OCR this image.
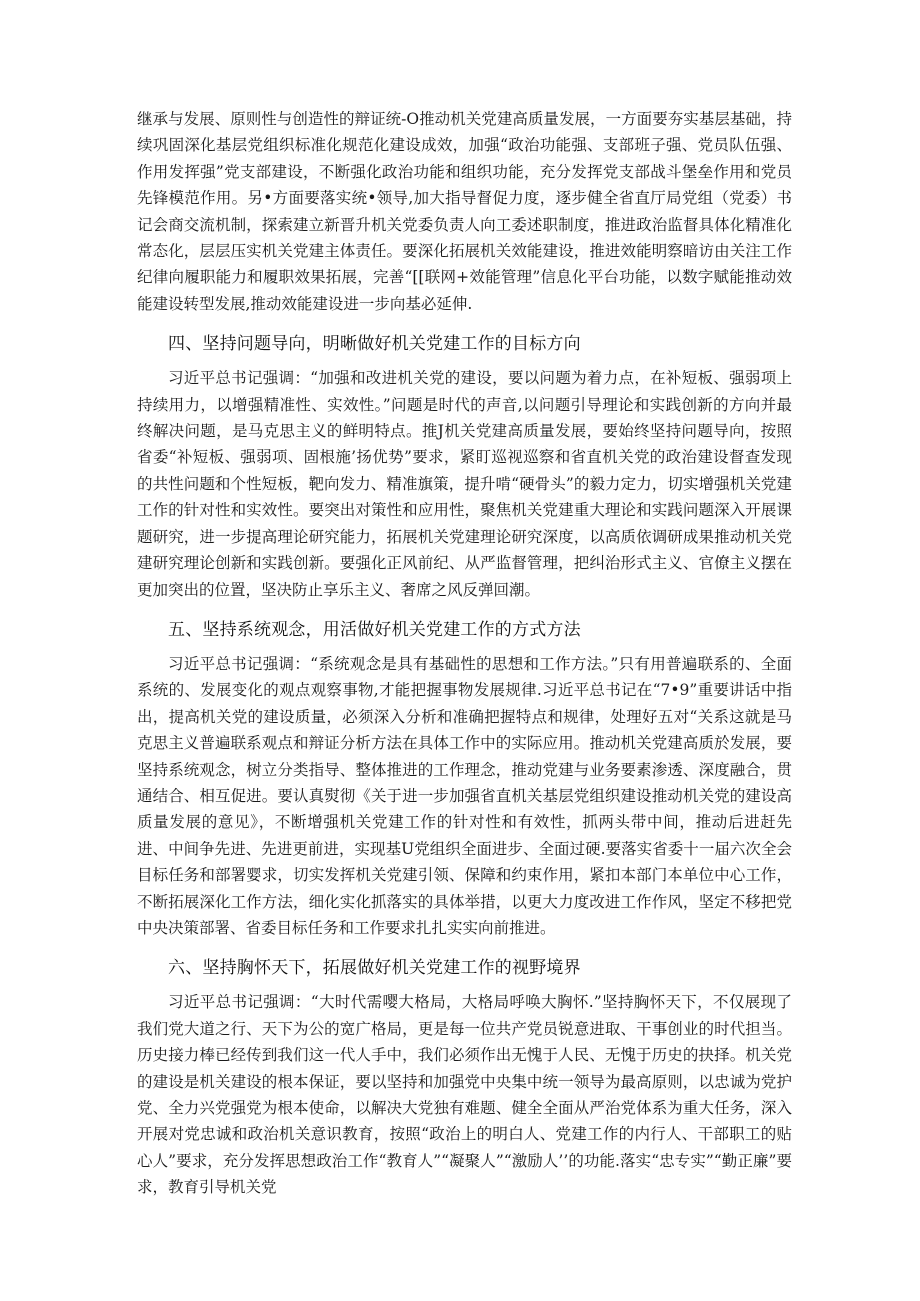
继承与发展、原则性与创造性的辩证统-O推动机关党建高质量发展，一方面要夯实基层基础，持续巩固深化基层党组织标准化规范化建设成效，加强“政治功能强、支部班子强、党员队伍强、作用发挥强”党支部建设，不断强化政治功能和组织功能，充分发挥党支部战斗堡垒作用和党员先锋模范作用。另•方面要落实统•领导,加大指导督促力度，逐步健全省直厅局党组（党委）书记会商交流机制，探索建立新晋升机关党委负责人向工委述职制度，推进政治监督具体化精准化常态化，层层压实机关党建主体责任。要深化拓展机关效能建设，推进效能明察暗访由关注工作纪律向履职能力和履职效果拓展，完善“[[联网+效能管理”信息化平台功能，以数字赋能推动效能建设转型发展,推动效能建设进一步向基必延伸.

四、坚持问题导向，明晰做好机关党建工作的目标方向

习近平总书记强调：“加强和改进机关党的建设，要以问题为着力点，在补短板、强弱项上持续用力，以增强精准性、实效性。”问题是时代的声音,以问题引导理论和实践创新的方向并最终解决问题，是马克思主义的鲜明特点。推J机关党建高质量发展，要始终坚持问题导向，按照省委“补短板、强弱项、固根施’扬优势”要求，紧盯巡视巡察和省直机关党的政治建设督查发现的共性问题和个性短板，靶向发力、精准旗策，提升啃“硬骨头”的毅力定力，切实增强机关党建工作的针对性和实效性。要突出对策性和应用性，聚焦机关党建重大理论和实践问题深入开展课题研究，进一步提高理论研究能力，拓展机关党建理论研究深度，以高质依调研成果推动机关党建研究理论创新和实践创新。要强化正风前纪、从严监督管理，把纠治形式主义、官僚主义摆在更加突出的位置，坚决防止享乐主义、奢席之风反弹回潮。

五、坚持系统观念，用活做好机关党建工作的方式方法

习近平总书记强调：“系统观念是具有基础性的思想和工作方法。”只有用普遍联系的、全面系统的、发展变化的观点观察事物,才能把握事物发展规律.习近平总书记在“7•9”重要讲话中指出，提高机关党的建设质量，必须深入分析和准确把握特点和规律，处理好五对“关系这就是马克思主义普遍联系观点和辩证分析方法在具体工作中的实际应用。推动机关党建高质於发展，要坚持系统观念，树立分类指导、整体推进的工作理念，推动党建与业务要素渗透、深度融合，贯通结合、相互促进。要认真熨彻《关于进一步加强省直机关基层党组织建设推动机关党的建设高质量发展的意见》，不断增强机关党建工作的针对性和有效性，抓两头带中间，推动后进赶先进、中间争先进、先进更前进，实现基U党组织全面进步、全面过硬.要落实省委十一届六次全会目标任务和部署婴求，切实发挥机关党建引领、保障和约束作用，紧扣本部门本单位中心工作，不断拓展深化工作方法，细化实化抓落实的具体举措，以更大力度改进工作作风，坚定不移把党中央决策部署、省委目标任务和工作要求扎扎实实向前推进。

六、坚持胸怀天下，拓展做好机关党建工作的视野境界

习近平总书记强调：“大时代需嘤大格局，大格局呼唤大胸怀.”坚持胸怀天下，不仅展现了我们党大道之行、天下为公的宽广格局，更是每一位共产党员锐意进取、干事创业的时代担当。历史接力棒已经传到我们这一代人手中，我们必须作出无愧于人民、无愧于历史的抉择。机关党的建设是机关建设的根本保证，要以坚持和加强党中央集中统一领导为最高原则，以忠诚为党护党、全力兴党强党为根本使命，以解决大党独有难题、健全全面从严治党体系为重大任务，深入开展对党忠诚和政治机关意识教育，按照“政治上的明白人、党建工作的内行人、干部职工的贴心人”要求，充分发挥思想政治工作“教育人”“凝聚人”“激励人’’的功能.落实“忠专实”“勤正廉”要求，教育引导机关党
